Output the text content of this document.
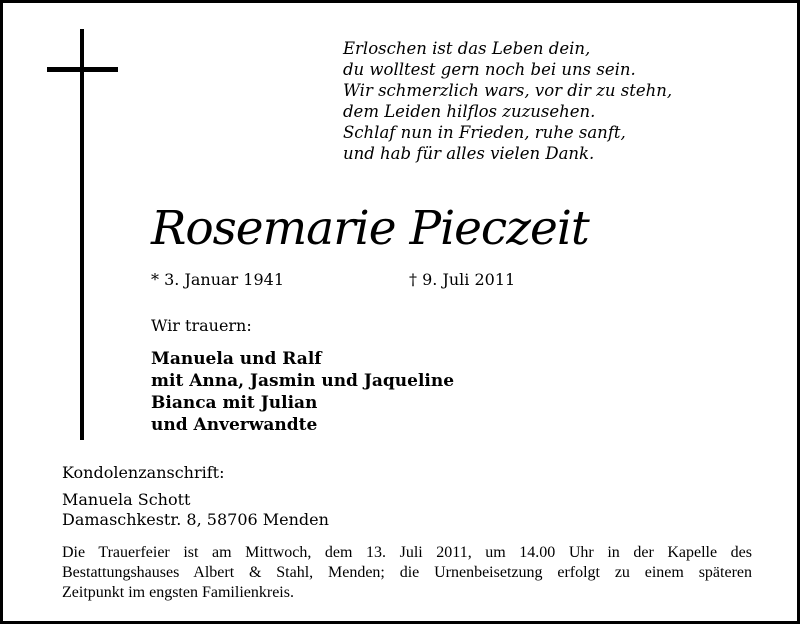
Erloschen ist das Leben dein,
du wolltest gern noch bei uns sein.
Wir schmerzlich wars, vor dir zu stehn,
dem Leiden hilflos zuzusehen.
Schlaf nun in Frieden, ruhe sanft,
und hab für alles vielen Dank.
Rosemarie Pieczeit
* 3. Januar 1941	† 9. Juli 2011
Wir trauern:
Manuela und Ralf
mit Anna, Jasmin und Jaqueline
Bianca mit Julian
und Anverwandte
Kondolenzanschrift:
Manuela Schott
Damaschkestr. 8, 58706 Menden
Die Trauerfeier ist am Mittwoch, dem 13. Juli 2011, um 14.00 Uhr in der Kapelle des
Bestattungshauses Albert & Stahl, Menden; die Urnenbeisetzung erfolgt zu einem späteren
Zeitpunkt im engsten Familienkreis.
